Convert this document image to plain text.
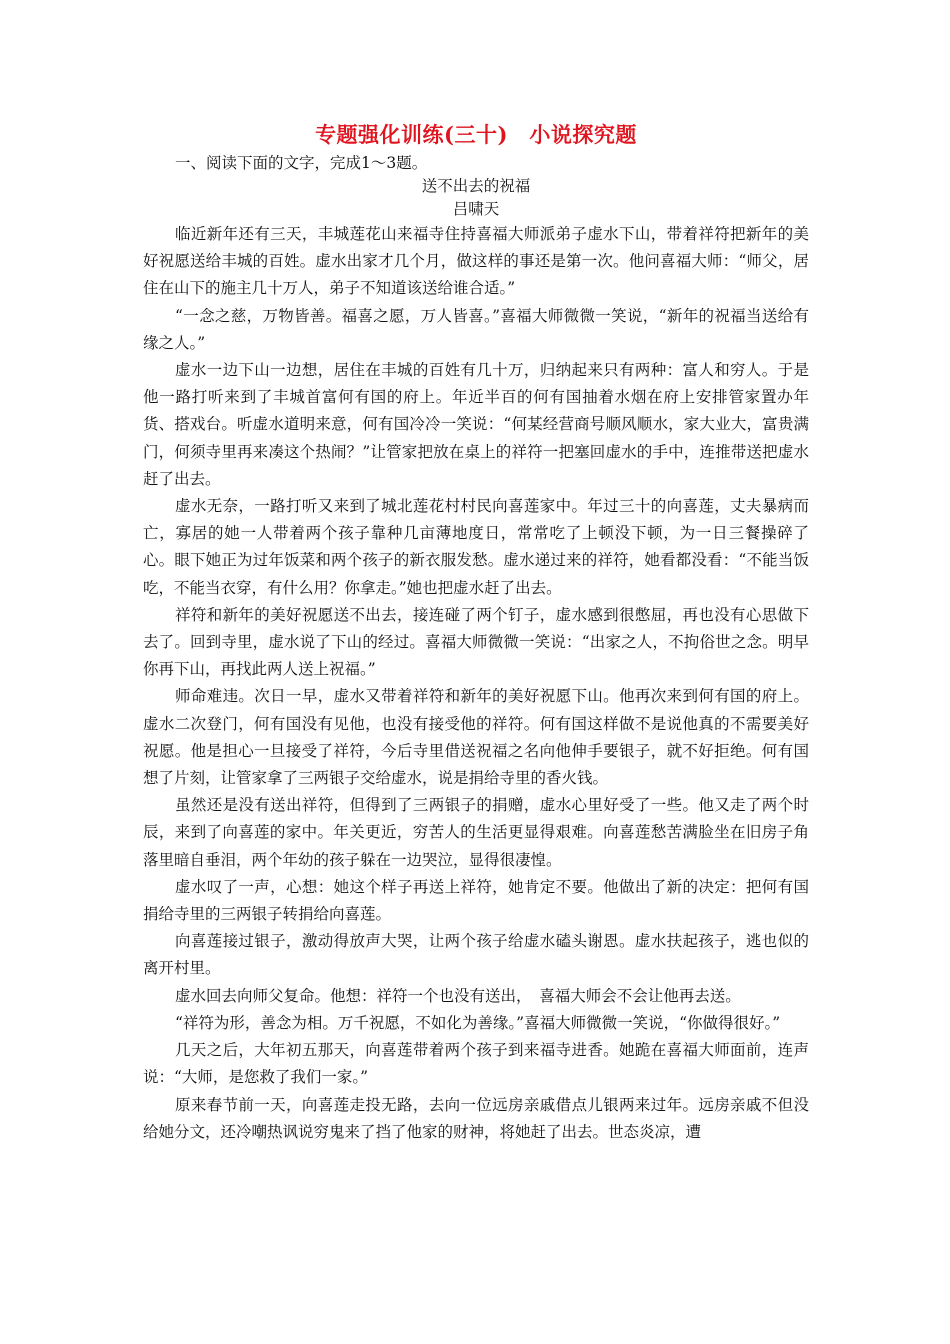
专题强化训练(三十)　小说探究题

一、阅读下面的文字，完成1～3题。

送不出去的祝福

吕啸天

临近新年还有三天，丰城莲花山来福寺住持喜福大师派弟子虚水下山，带着祥符把新年的美好祝愿送给丰城的百姓。虚水出家才几个月，做这样的事还是第一次。他问喜福大师：“师父，居住在山下的施主几十万人，弟子不知道该送给谁合适。”

“一念之慈，万物皆善。福喜之愿，万人皆喜。”喜福大师微微一笑说，“新年的祝福当送给有缘之人。”

虚水一边下山一边想，居住在丰城的百姓有几十万，归纳起来只有两种：富人和穷人。于是他一路打听来到了丰城首富何有国的府上。年近半百的何有国抽着水烟在府上安排管家置办年货、搭戏台。听虚水道明来意，何有国冷冷一笑说：“何某经营商号顺风顺水，家大业大，富贵满门，何须寺里再来凑这个热闹？”让管家把放在桌上的祥符一把塞回虚水的手中，连推带送把虚水赶了出去。

虚水无奈，一路打听又来到了城北莲花村村民向喜莲家中。年过三十的向喜莲，丈夫暴病而亡，寡居的她一人带着两个孩子靠种几亩薄地度日，常常吃了上顿没下顿，为一日三餐操碎了心。眼下她正为过年饭菜和两个孩子的新衣服发愁。虚水递过来的祥符，她看都没看：“不能当饭吃，不能当衣穿，有什么用？你拿走。”她也把虚水赶了出去。

祥符和新年的美好祝愿送不出去，接连碰了两个钉子，虚水感到很憋屈，再也没有心思做下去了。回到寺里，虚水说了下山的经过。喜福大师微微一笑说：“出家之人，不拘俗世之念。明早你再下山，再找此两人送上祝福。”

师命难违。次日一早，虚水又带着祥符和新年的美好祝愿下山。他再次来到何有国的府上。虚水二次登门，何有国没有见他，也没有接受他的祥符。何有国这样做不是说他真的不需要美好祝愿。他是担心一旦接受了祥符，今后寺里借送祝福之名向他伸手要银子，就不好拒绝。何有国想了片刻，让管家拿了三两银子交给虚水，说是捐给寺里的香火钱。

虽然还是没有送出祥符，但得到了三两银子的捐赠，虚水心里好受了一些。他又走了两个时辰，来到了向喜莲的家中。年关更近，穷苦人的生活更显得艰难。向喜莲愁苦满脸坐在旧房子角落里暗自垂泪，两个年幼的孩子躲在一边哭泣，显得很凄惶。

虚水叹了一声，心想：她这个样子再送上祥符，她肯定不要。他做出了新的决定：把何有国捐给寺里的三两银子转捐给向喜莲。

向喜莲接过银子，激动得放声大哭，让两个孩子给虚水磕头谢恩。虚水扶起孩子，逃也似的离开村里。

虚水回去向师父复命。他想：祥符一个也没有送出，　喜福大师会不会让他再去送。

“祥符为形，善念为相。万千祝愿，不如化为善缘。”喜福大师微微一笑说，“你做得很好。”

几天之后，大年初五那天，向喜莲带着两个孩子到来福寺进香。她跪在喜福大师面前，连声说：“大师，是您救了我们一家。”

原来春节前一天，向喜莲走投无路，去向一位远房亲戚借点儿银两来过年。远房亲戚不但没给她分文，还冷嘲热讽说穷鬼来了挡了他家的财神，将她赶了出去。世态炎凉，遭
